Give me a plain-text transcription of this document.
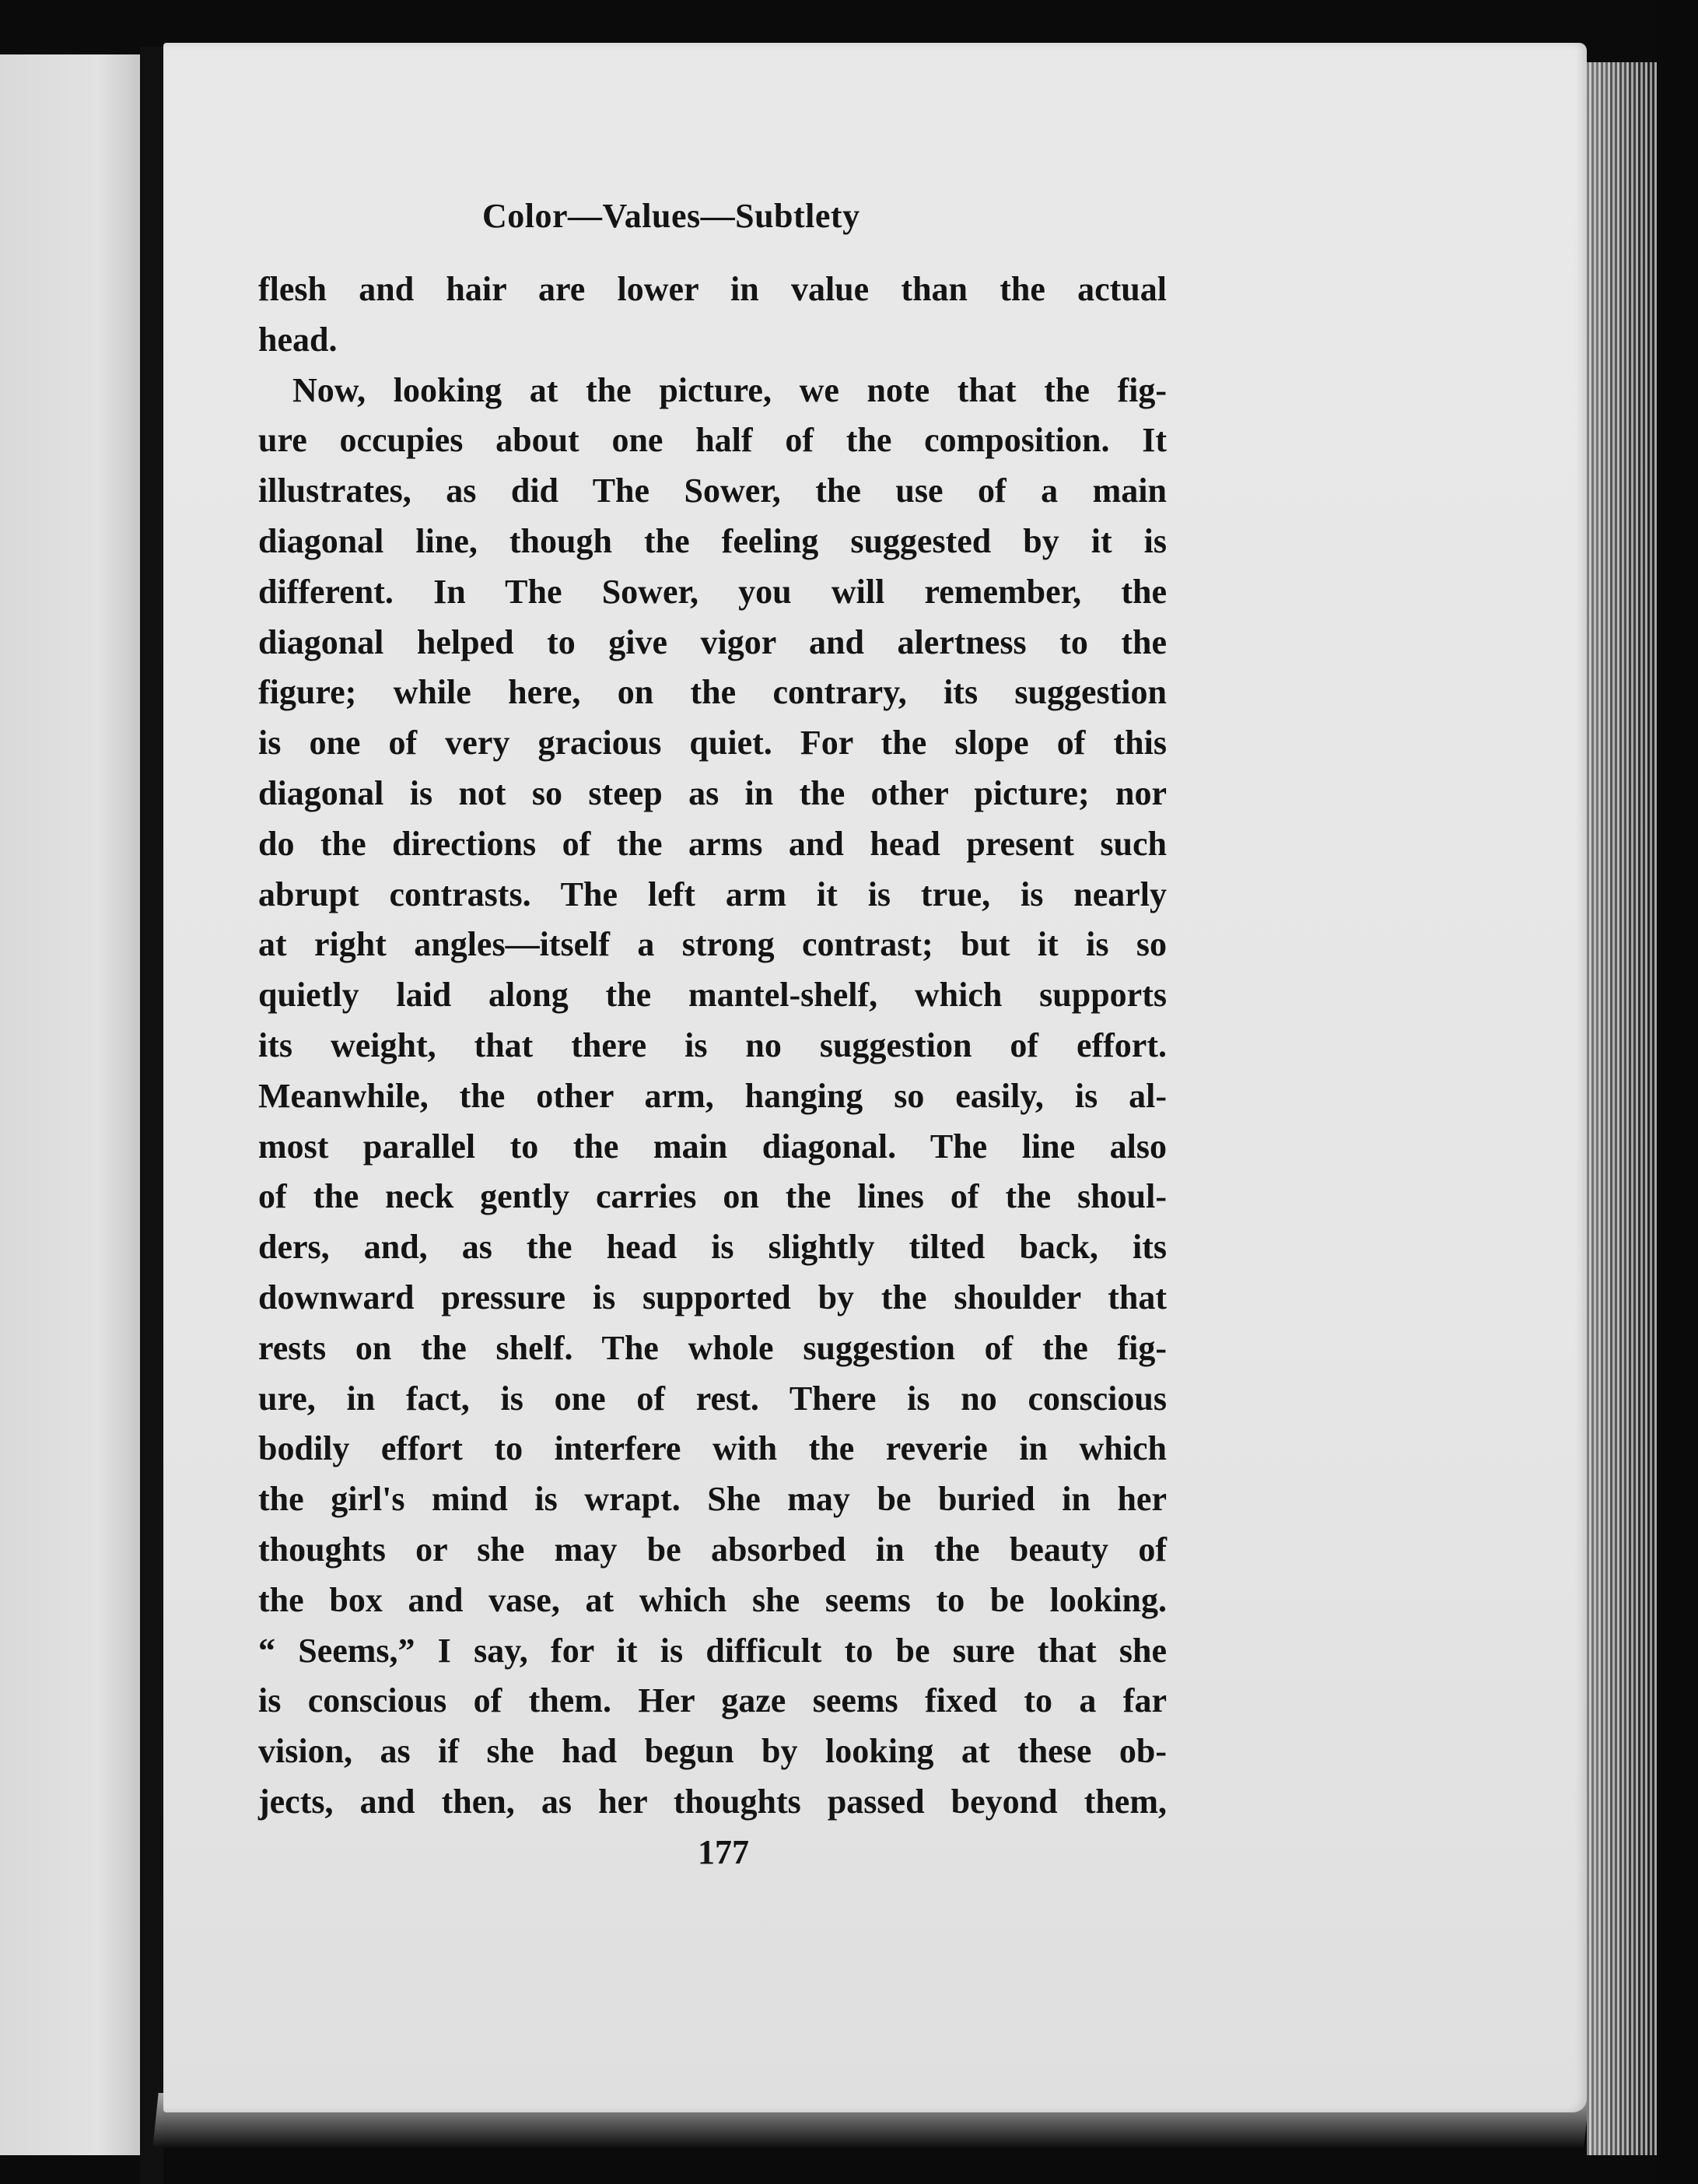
Color—Values—Subtlety
flesh and hair are lower in value than the actual
head.
Now, looking at the picture, we note that the fig-
ure occupies about one half of the composition. It
illustrates, as did The Sower, the use of a main
diagonal line, though the feeling suggested by it is
different. In The Sower, you will remember, the
diagonal helped to give vigor and alertness to the
figure; while here, on the contrary, its suggestion
is one of very gracious quiet. For the slope of this
diagonal is not so steep as in the other picture; nor
do the directions of the arms and head present such
abrupt contrasts. The left arm it is true, is nearly
at right angles—itself a strong contrast; but it is so
quietly laid along the mantel-shelf, which supports
its weight, that there is no suggestion of effort.
Meanwhile, the other arm, hanging so easily, is al-
most parallel to the main diagonal. The line also
of the neck gently carries on the lines of the shoul-
ders, and, as the head is slightly tilted back, its
downward pressure is supported by the shoulder that
rests on the shelf. The whole suggestion of the fig-
ure, in fact, is one of rest. There is no conscious
bodily effort to interfere with the reverie in which
the girl's mind is wrapt. She may be buried in her
thoughts or she may be absorbed in the beauty of
the box and vase, at which she seems to be looking.
“ Seems,” I say, for it is difficult to be sure that she
is conscious of them. Her gaze seems fixed to a far
vision, as if she had begun by looking at these ob-
jects, and then, as her thoughts passed beyond them,
177
